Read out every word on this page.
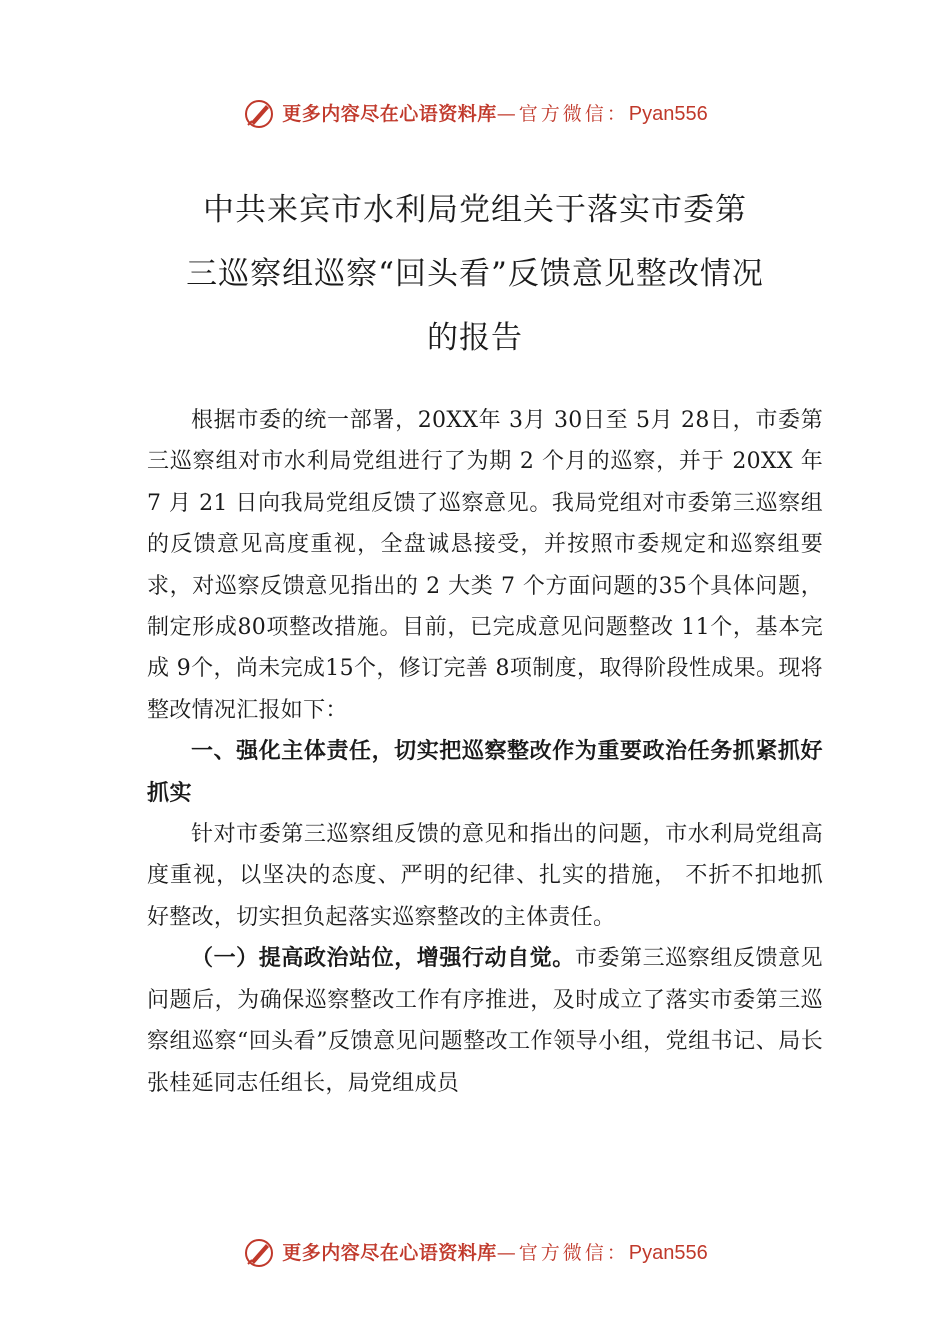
更多内容尽在心语资料库 —官方微信： Pyan556
中共来宾市水利局党组关于落实市委第
三巡察组巡察“回头看”反馈意见整改情况
的报告

根据市委的统一部署，20XX年 3月 30日至 5月 28日，市委第三巡察组对市水利局党组进行了为期 2 个月的巡察，并于 20XX 年 7 月 21 日向我局党组反馈了巡察意见。我局党组对市委第三巡察组的反馈意见高度重视，全盘诚恳接受，并按照市委规定和巡察组要求，对巡察反馈意见指出的 2 大类 7 个方面问题的35个具体问题，制定形成80项整改措施。目前，已完成意见问题整改 11个，基本完成 9个，尚未完成15个，修订完善 8项制度，取得阶段性成果。现将整改情况汇报如下：

一、强化主体责任，切实把巡察整改作为重要政治任务抓紧抓好抓实

针对市委第三巡察组反馈的意见和指出的问题，市水利局党组高度重视，以坚决的态度、严明的纪律、扎实的措施， 不折不扣地抓好整改，切实担负起落实巡察整改的主体责任。

（一）提高政治站位，增强行动自觉。市委第三巡察组反馈意见问题后，为确保巡察整改工作有序推进，及时成立了落实市委第三巡察组巡察“回头看”反馈意见问题整改工作领导小组，党组书记、局长张桂延同志任组长，局党组成员

更多内容尽在心语资料库 —官方微信： Pyan556
